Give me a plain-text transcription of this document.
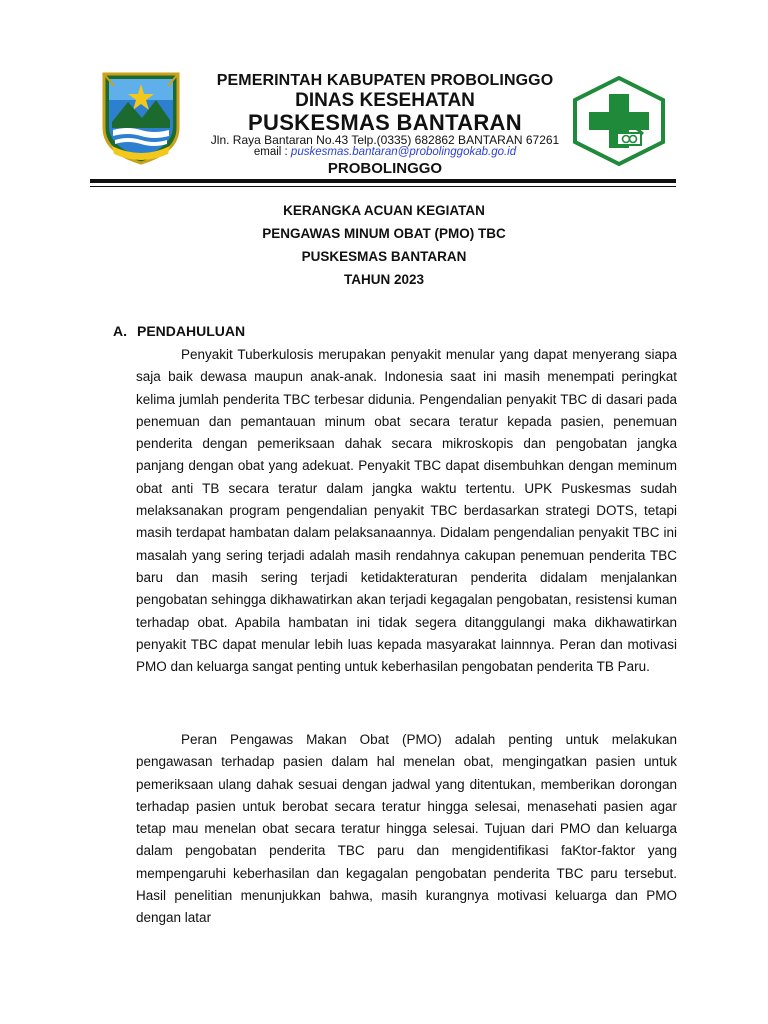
PEMERINTAH KABUPATEN PROBOLINGGO
DINAS KESEHATAN
PUSKESMAS BANTARAN
Jln. Raya Bantaran No.43 Telp.(0335) 682862 BANTARAN 67261
email : puskesmas.bantaran@probolinggokab.go.id
PROBOLINGGO
KERANGKA ACUAN KEGIATAN
PENGAWAS MINUM OBAT (PMO) TBC
PUSKESMAS BANTARAN
TAHUN 2023
A. PENDAHULUAN

Penyakit Tuberkulosis merupakan penyakit menular yang dapat menyerang siapa saja baik dewasa maupun anak-anak. Indonesia saat ini masih menempati peringkat kelima jumlah penderita TBC terbesar didunia. Pengendalian penyakit TBC di dasari pada penemuan dan pemantauan minum obat secara teratur kepada pasien, penemuan penderita dengan pemeriksaan dahak secara mikroskopis dan pengobatan jangka panjang dengan obat yang adekuat. Penyakit TBC dapat disembuhkan dengan meminum obat anti TB secara teratur dalam jangka waktu tertentu. UPK Puskesmas sudah melaksanakan program pengendalian penyakit TBC berdasarkan strategi DOTS, tetapi masih terdapat hambatan dalam pelaksanaannya. Didalam pengendalian penyakit TBC ini masalah yang sering terjadi adalah masih rendahnya cakupan penemuan penderita TBC baru dan masih sering terjadi ketidakteraturan penderita didalam menjalankan pengobatan sehingga dikhawatirkan akan terjadi kegagalan pengobatan, resistensi kuman terhadap obat. Apabila hambatan ini tidak segera ditanggulangi maka dikhawatirkan penyakit TBC dapat menular lebih luas kepada masyarakat lainnnya. Peran dan motivasi PMO dan keluarga sangat penting untuk keberhasilan pengobatan penderita TB Paru.

Peran Pengawas Makan Obat (PMO) adalah penting untuk melakukan pengawasan terhadap pasien dalam hal menelan obat, mengingatkan pasien untuk pemeriksaan ulang dahak sesuai dengan jadwal yang ditentukan, memberikan dorongan terhadap pasien untuk berobat secara teratur hingga selesai, menasehati pasien agar tetap mau menelan obat secara teratur hingga selesai. Tujuan dari PMO dan keluarga dalam pengobatan penderita TBC paru dan mengidentifikasi faKtor-faktor yang mempengaruhi keberhasilan dan kegagalan pengobatan penderita TBC paru tersebut. Hasil penelitian menunjukkan bahwa, masih kurangnya motivasi keluarga dan PMO dengan latar
